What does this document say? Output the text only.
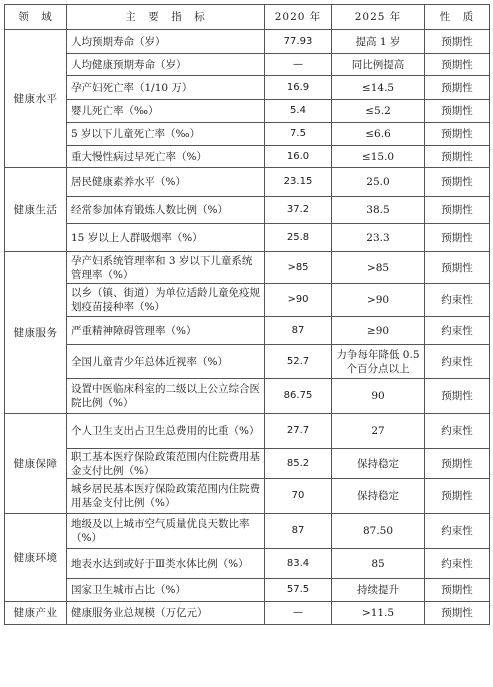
领　域	主　要　指　标	2020 年	2025 年	性　质
健康水平	人均预期寿命（岁）	77.93	提高 1 岁	预期性
	人均健康预期寿命（岁）	—	同比例提高	预期性
	孕产妇死亡率（1/10 万）	16.9	≤14.5	预期性
	婴儿死亡率（‰）	5.4	≤5.2	预期性
	5 岁以下儿童死亡率（‰）	7.5	≤6.6	预期性
	重大慢性病过早死亡率（%）	16.0	≤15.0	预期性
健康生活	居民健康素养水平（%）	23.15	25.0	预期性
	经常参加体育锻炼人数比例（%）	37.2	38.5	预期性
	15 岁以上人群吸烟率（%）	25.8	23.3	预期性
健康服务	孕产妇系统管理率和 3 岁以下儿童系统管理率（%）	>85	>85	预期性
	以乡（镇、街道）为单位适龄儿童免疫规划疫苗接种率（%）	>90	>90	约束性
	严重精神障碍管理率（%）	87	≥90	约束性
	全国儿童青少年总体近视率（%）	52.7	力争每年降低 0.5 个百分点以上	约束性
	设置中医临床科室的二级以上公立综合医院比例（%）	86.75	90	预期性
健康保障	个人卫生支出占卫生总费用的比重（%）	27.7	27	约束性
	职工基本医疗保险政策范围内住院费用基金支付比例（%）	85.2	保持稳定	预期性
	城乡居民基本医疗保险政策范围内住院费用基金支付比例（%）	70	保持稳定	预期性
健康环境	地级及以上城市空气质量优良天数比率（%）	87	87.50	约束性
	地表水达到或好于Ⅲ类水体比例（%）	83.4	85	约束性
	国家卫生城市占比（%）	57.5	持续提升	预期性
健康产业	健康服务业总规模（万亿元）	—	>11.5	预期性
